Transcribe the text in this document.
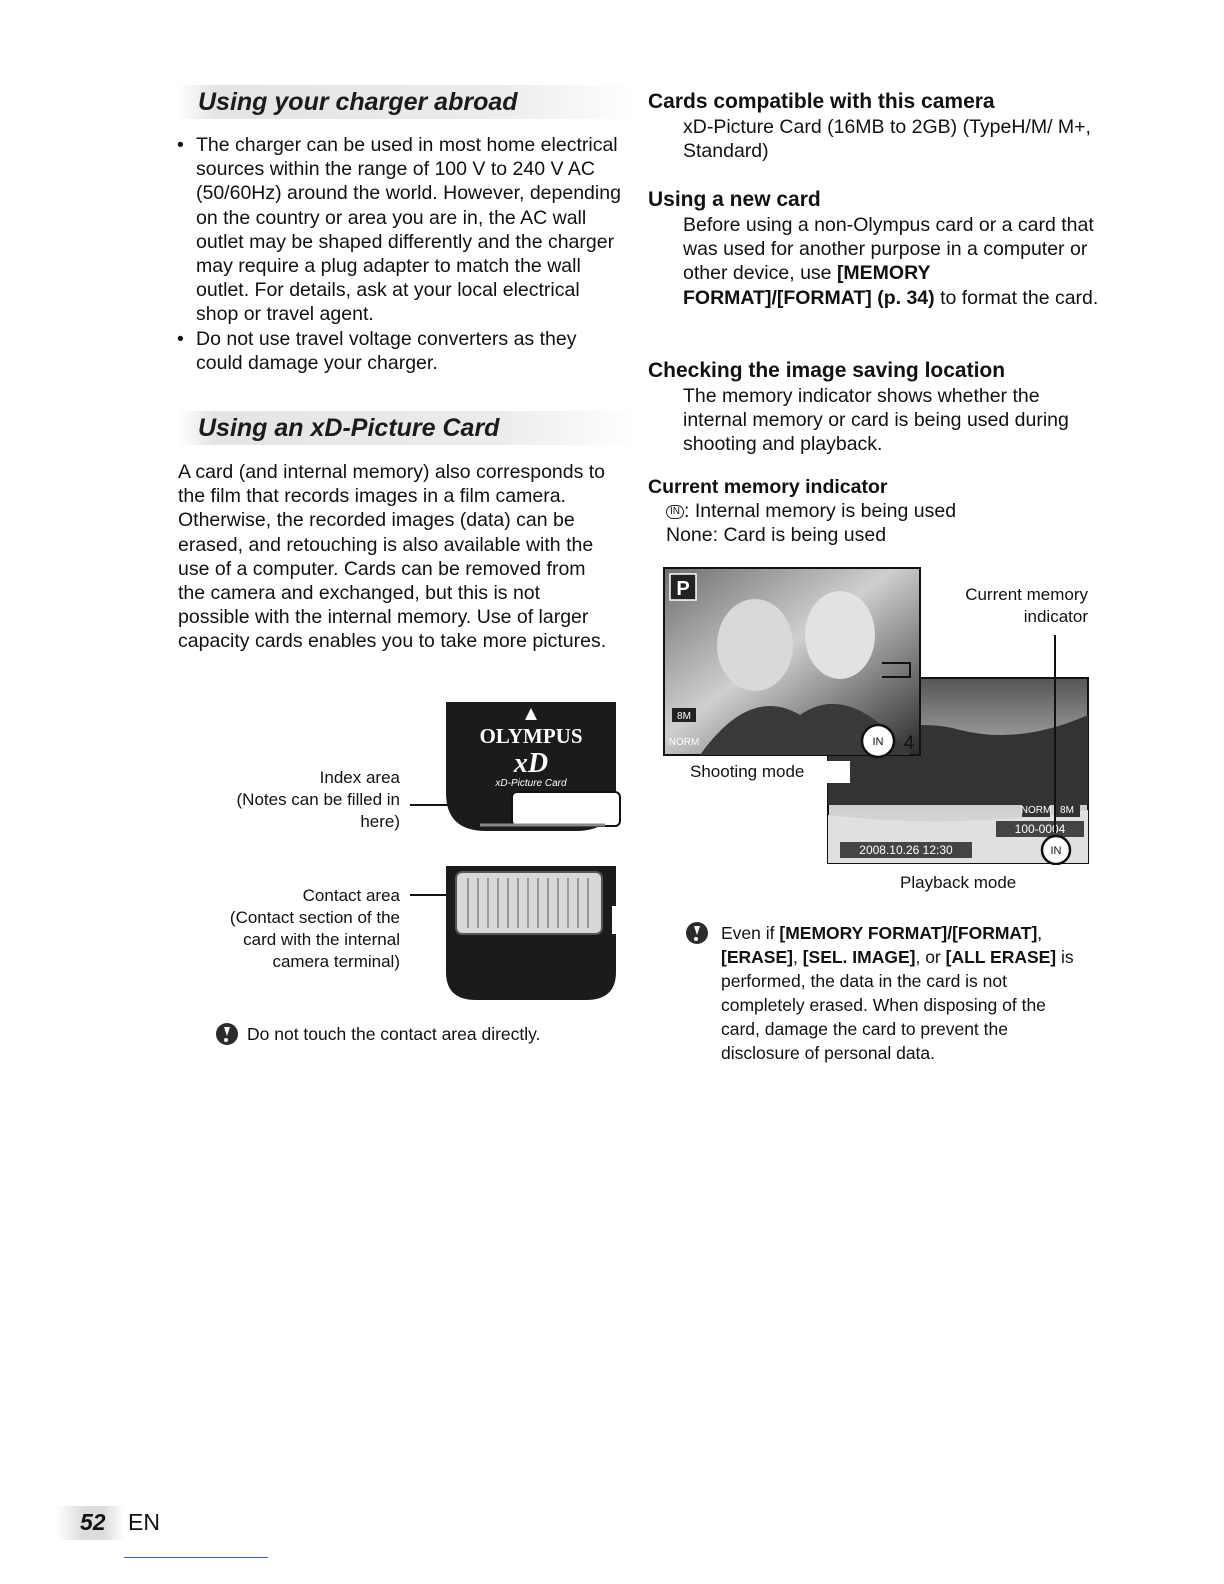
Using your charger abroad
• The charger can be used in most home electrical sources within the range of 100 V to 240 V AC (50/60Hz) around the world. However, depending on the country or area you are in, the AC wall outlet may be shaped differently and the charger may require a plug adapter to match the wall outlet. For details, ask at your local electrical shop or travel agent.
• Do not use travel voltage converters as they could damage your charger.
Using an xD-Picture Card
A card (and internal memory) also corresponds to the film that records images in a film camera. Otherwise, the recorded images (data) can be erased, and retouching is also available with the use of a computer. Cards can be removed from the camera and exchanged, but this is not possible with the internal memory. Use of larger capacity cards enables you to take more pictures.
Index area
(Notes can be filled in
here)
Contact area
(Contact section of the
card with the internal
camera terminal)
OLYMPUS
xD
xD-Picture Card
Do not touch the contact area directly.
Cards compatible with this camera
xD-Picture Card (16MB to 2GB) (TypeH/M/ M+, Standard)
Using a new card
Before using a non-Olympus card or a card that was used for another purpose in a computer or other device, use [MEMORY FORMAT]/[FORMAT] (p. 34) to format the card.
Checking the image saving location
The memory indicator shows whether the internal memory or card is being used during shooting and playback.
Current memory indicator
IN : Internal memory is being used
None: Card is being used
Current memory
indicator
NORM 8M
100-0004
2008.10.26 12:30	IN
P
8M
NORM	IN 4
Shooting mode
Playback mode
Even if [MEMORY FORMAT]/[FORMAT], [ERASE], [SEL. IMAGE], or [ALL ERASE] is performed, the data in the card is not completely erased. When disposing of the card, damage the card to prevent the disclosure of personal data.
52 EN
